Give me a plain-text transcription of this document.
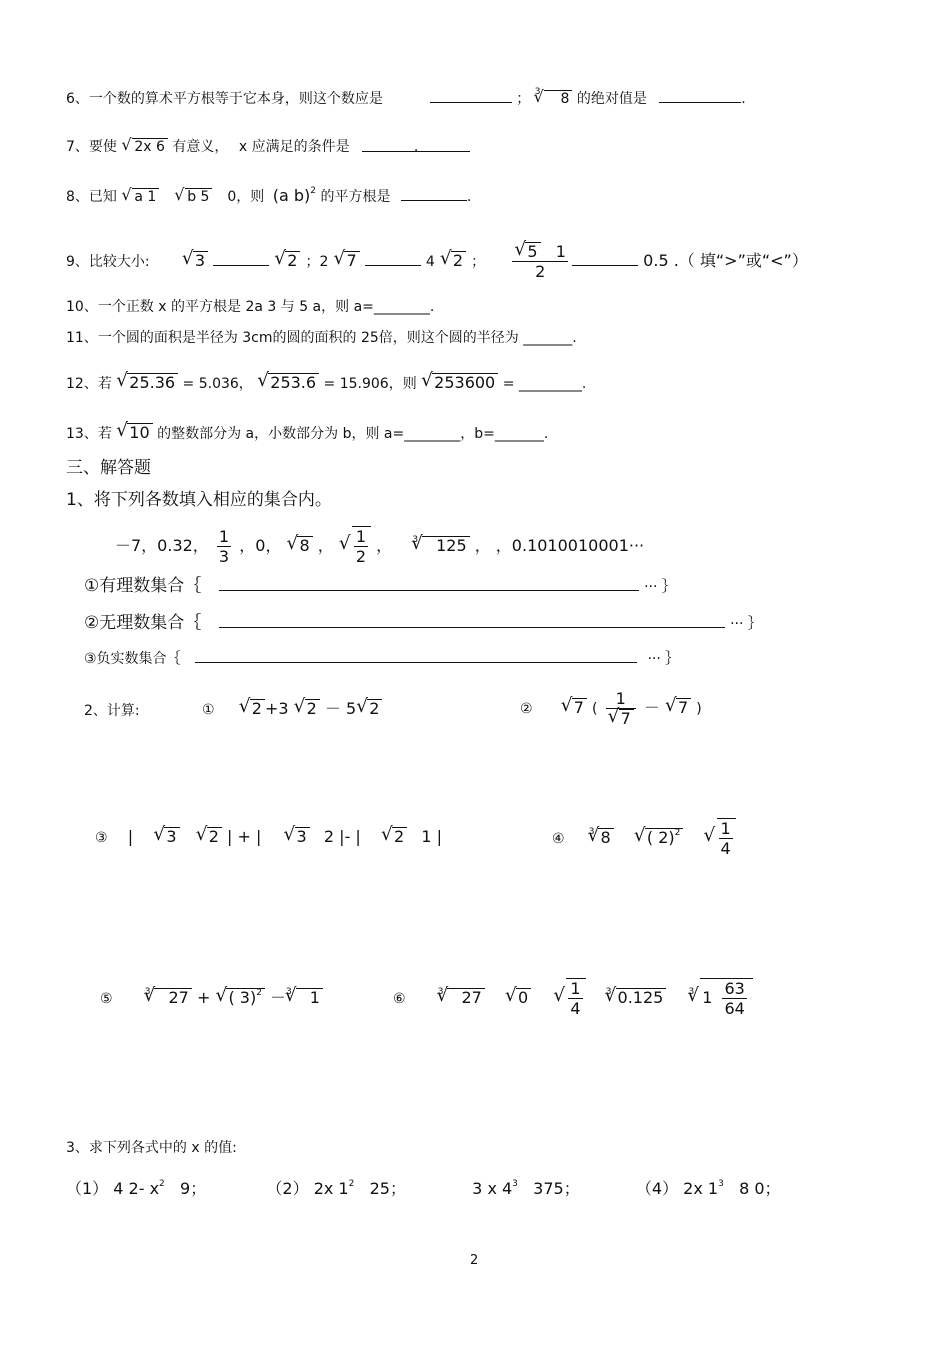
6、一个数的算术平方根等于它本身，则这个数应是	； $^3$ √ 8 的绝对值是	.
7、要使 √ 2x 6 有意义， x 应满足的条件是	.
8、已知 √ a 1 √ b 5 0，则 (a b)$^2$ 的平方根是	.
9、比较大小:	√ 3	√ 2 ；2 √ 7	4 √ 2 ； √ $\frac{5 1}{2}$	0.5 .（ 填“>”或“<”）
10、一个正数 x 的平方根是 2a 3 与 5 a，则 a=________.
11、一个圆的面积是半径为 3cm的圆的面积的 25倍，则这个圆的半径为 _______.
12、若 √ 25.36 = 5.036， √ 253.6 = 15.906，则 √ 253600 = _________.
13、若 √ 10 的整数部分为 a，小数部分为 b，则 a=________，b=_______.
三、解答题
1、将下列各数填入相应的集合内。
－7，0.32， $\frac{1}{3}$ ，0， √ 8 ， √ $\frac{1}{2}$ ， $^3$ √ 125 ， ，0.1010010001···
①有理数集合｛	··· ｝
②无理数集合｛	··· ｝
③负实数集合｛	··· ｝
2、计算:	① √ 2 +3 √ 2 － 5 √ 2	②	√ 7 ( 1
√ 7 － √ 7 )
③ | √ 3 √ 2 | + | √ 3 2 |- | √ 2 1 |	④	$^3$ √ 8 √ ( 2)$^2$ √ $\frac{1}{4}$
⑤	$^3$ √ 27 + √ ( 3)$^2$ －$^3$ √ 1	⑥	$^3$ √ 27 √ 0	√ $\frac{1}{4}$	$^3$ √ 0.125	$^3$ √ $1 \frac{63}{64}$
3、求下列各式中的 x 的值:
（1） 4 2- $x^2$ 9；	（2） 2x $1^2$ 25；	3 x $4^3$ 375；	（4） 2x $1^3$ 8 0；
2
